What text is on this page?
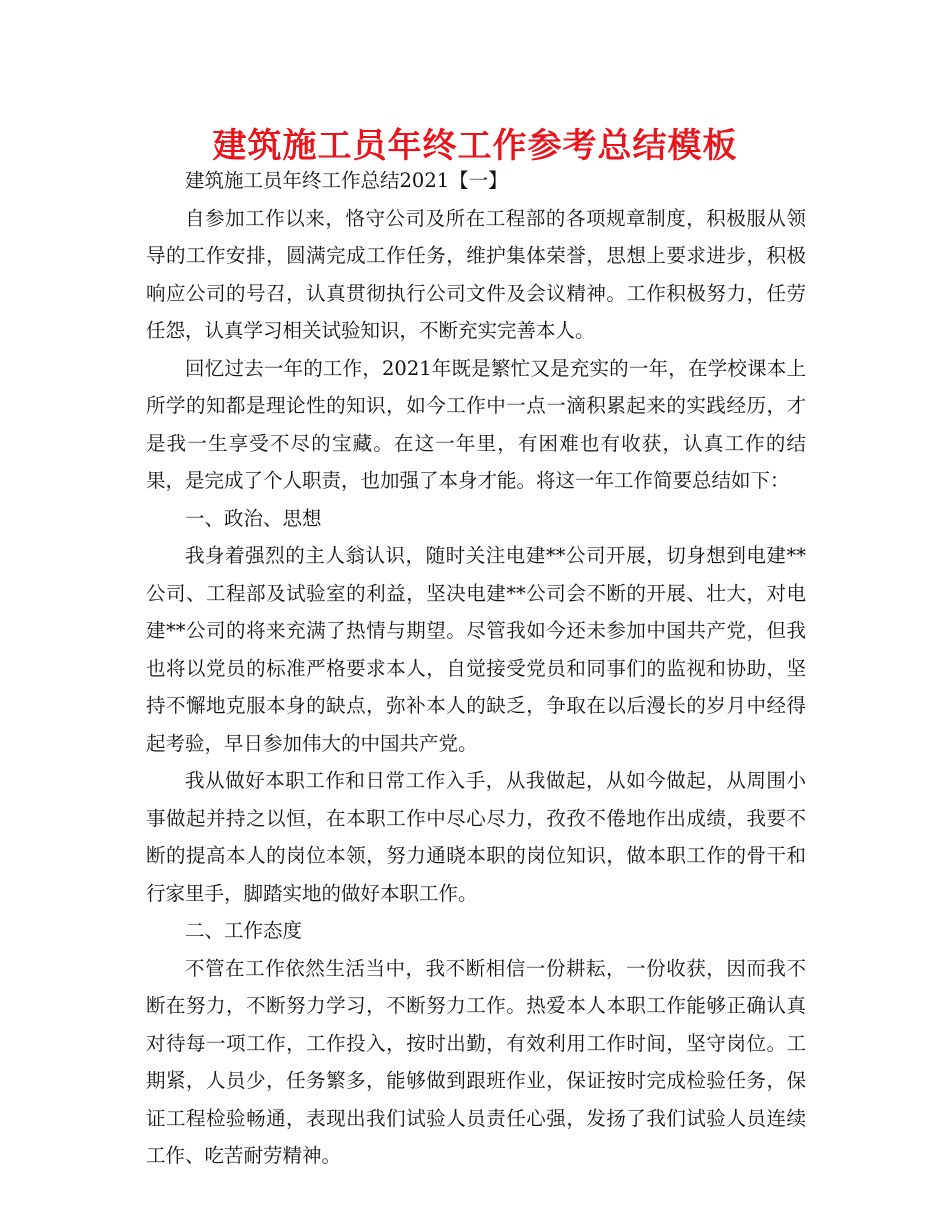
建筑施工员年终工作参考总结模板

建筑施工员年终工作总结2021【一】

自参加工作以来，恪守公司及所在工程部的各项规章制度，积极服从领导的工作安排，圆满完成工作任务，维护集体荣誉，思想上要求进步，积极响应公司的号召，认真贯彻执行公司文件及会议精神。工作积极努力，任劳任怨，认真学习相关试验知识，不断充实完善本人。

回忆过去一年的工作，2021年既是繁忙又是充实的一年，在学校课本上所学的知都是理论性的知识，如今工作中一点一滴积累起来的实践经历，才是我一生享受不尽的宝藏。在这一年里，有困难也有收获，认真工作的结果，是完成了个人职责，也加强了本身才能。将这一年工作简要总结如下：

一、政治、思想

我身着强烈的主人翁认识，随时关注电建**公司开展，切身想到电建**公司、工程部及试验室的利益，坚决电建**公司会不断的开展、壮大，对电建**公司的将来充满了热情与期望。尽管我如今还未参加中国共产党，但我也将以党员的标准严格要求本人，自觉接受党员和同事们的监视和协助，坚持不懈地克服本身的缺点，弥补本人的缺乏，争取在以后漫长的岁月中经得起考验，早日参加伟大的中国共产党。

我从做好本职工作和日常工作入手，从我做起，从如今做起，从周围小事做起并持之以恒，在本职工作中尽心尽力，孜孜不倦地作出成绩，我要不断的提高本人的岗位本领，努力通晓本职的岗位知识，做本职工作的骨干和行家里手，脚踏实地的做好本职工作。

二、工作态度

不管在工作依然生活当中，我不断相信一份耕耘，一份收获，因而我不断在努力，不断努力学习，不断努力工作。热爱本人本职工作能够正确认真对待每一项工作，工作投入，按时出勤，有效利用工作时间，坚守岗位。工期紧，人员少，任务繁多，能够做到跟班作业，保证按时完成检验任务，保证工程检验畅通，表现出我们试验人员责任心强，发扬了我们试验人员连续工作、吃苦耐劳精神。
